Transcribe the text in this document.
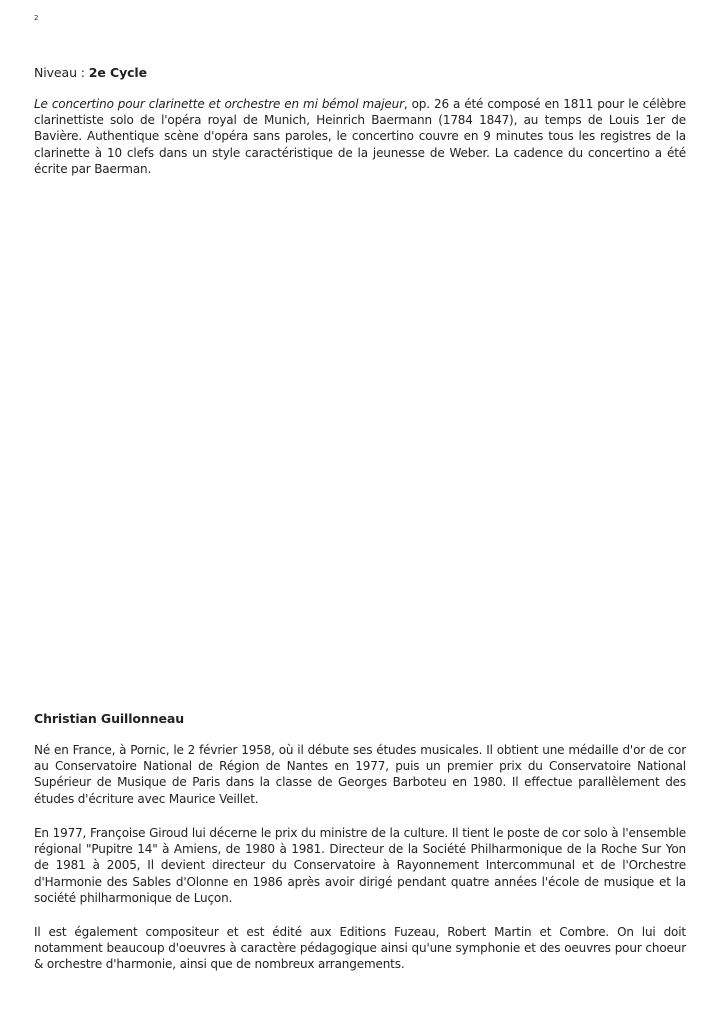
2
Niveau : 2e Cycle

Le concertino pour clarinette et orchestre en mi bémol majeur, op. 26 a été composé en 1811 pour le célèbre clarinettiste solo de l'opéra royal de Munich, Heinrich Baermann (1784 1847), au temps de Louis 1er de Bavière. Authentique scène d'opéra sans paroles, le concertino couvre en 9 minutes tous les registres de la clarinette à 10 clefs dans un style caractéristique de la jeunesse de Weber. La cadence du concertino a été écrite par Baerman.

Christian Guillonneau

Né en France, à Pornic, le 2 février 1958, où il débute ses études musicales. Il obtient une médaille d'or de cor au Conservatoire National de Région de Nantes en 1977, puis un premier prix du Conservatoire National Supérieur de Musique de Paris dans la classe de Georges Barboteu en 1980. Il effectue parallèlement des études d'écriture avec Maurice Veillet.

En 1977, Françoise Giroud lui décerne le prix du ministre de la culture. Il tient le poste de cor solo à l'ensemble régional "Pupitre 14" à Amiens, de 1980 à 1981. Directeur de la Société Philharmonique de la Roche Sur Yon de 1981 à 2005, Il devient directeur du Conservatoire à Rayonnement Intercommunal et de l'Orchestre d'Harmonie des Sables d'Olonne en 1986 après avoir dirigé pendant quatre années l'école de musique et la société philharmonique de Luçon.

Il est également compositeur et est édité aux Editions Fuzeau, Robert Martin et Combre. On lui doit notamment beaucoup d'oeuvres à caractère pédagogique ainsi qu'une symphonie et des oeuvres pour choeur & orchestre d'harmonie, ainsi que de nombreux arrangements.
